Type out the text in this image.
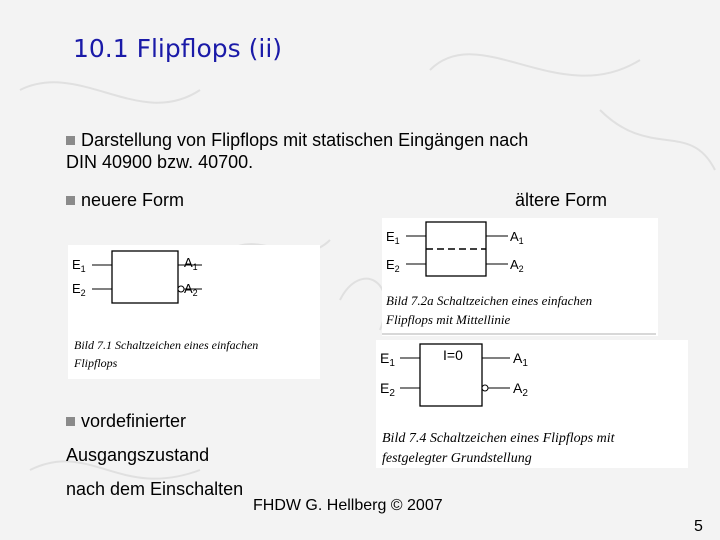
10.1 Flipflops (ii)
Darstellung von Flipflops mit statischen Eingängen nach
DIN 40900 bzw. 40700.
neuere Form	ältere Form
vordefinierter
Ausgangszustand
nach dem Einschalten
$E_1$
$E_2$
$A_1$
$A_2$
Bild 7.1 Schaltzeichen eines einfachen
Flipflops
$E_1$
$E_2$
$A_1$
$A_2$
Bild 7.2a Schaltzeichen eines einfachen
Flipflops mit Mittellinie
I=0
$E_1$
$E_2$
$A_1$
$A_2$
Bild 7.4 Schaltzeichen eines Flipflops mit
festgelegter Grundstellung
FHDW G. Hellberg © 2007
5
